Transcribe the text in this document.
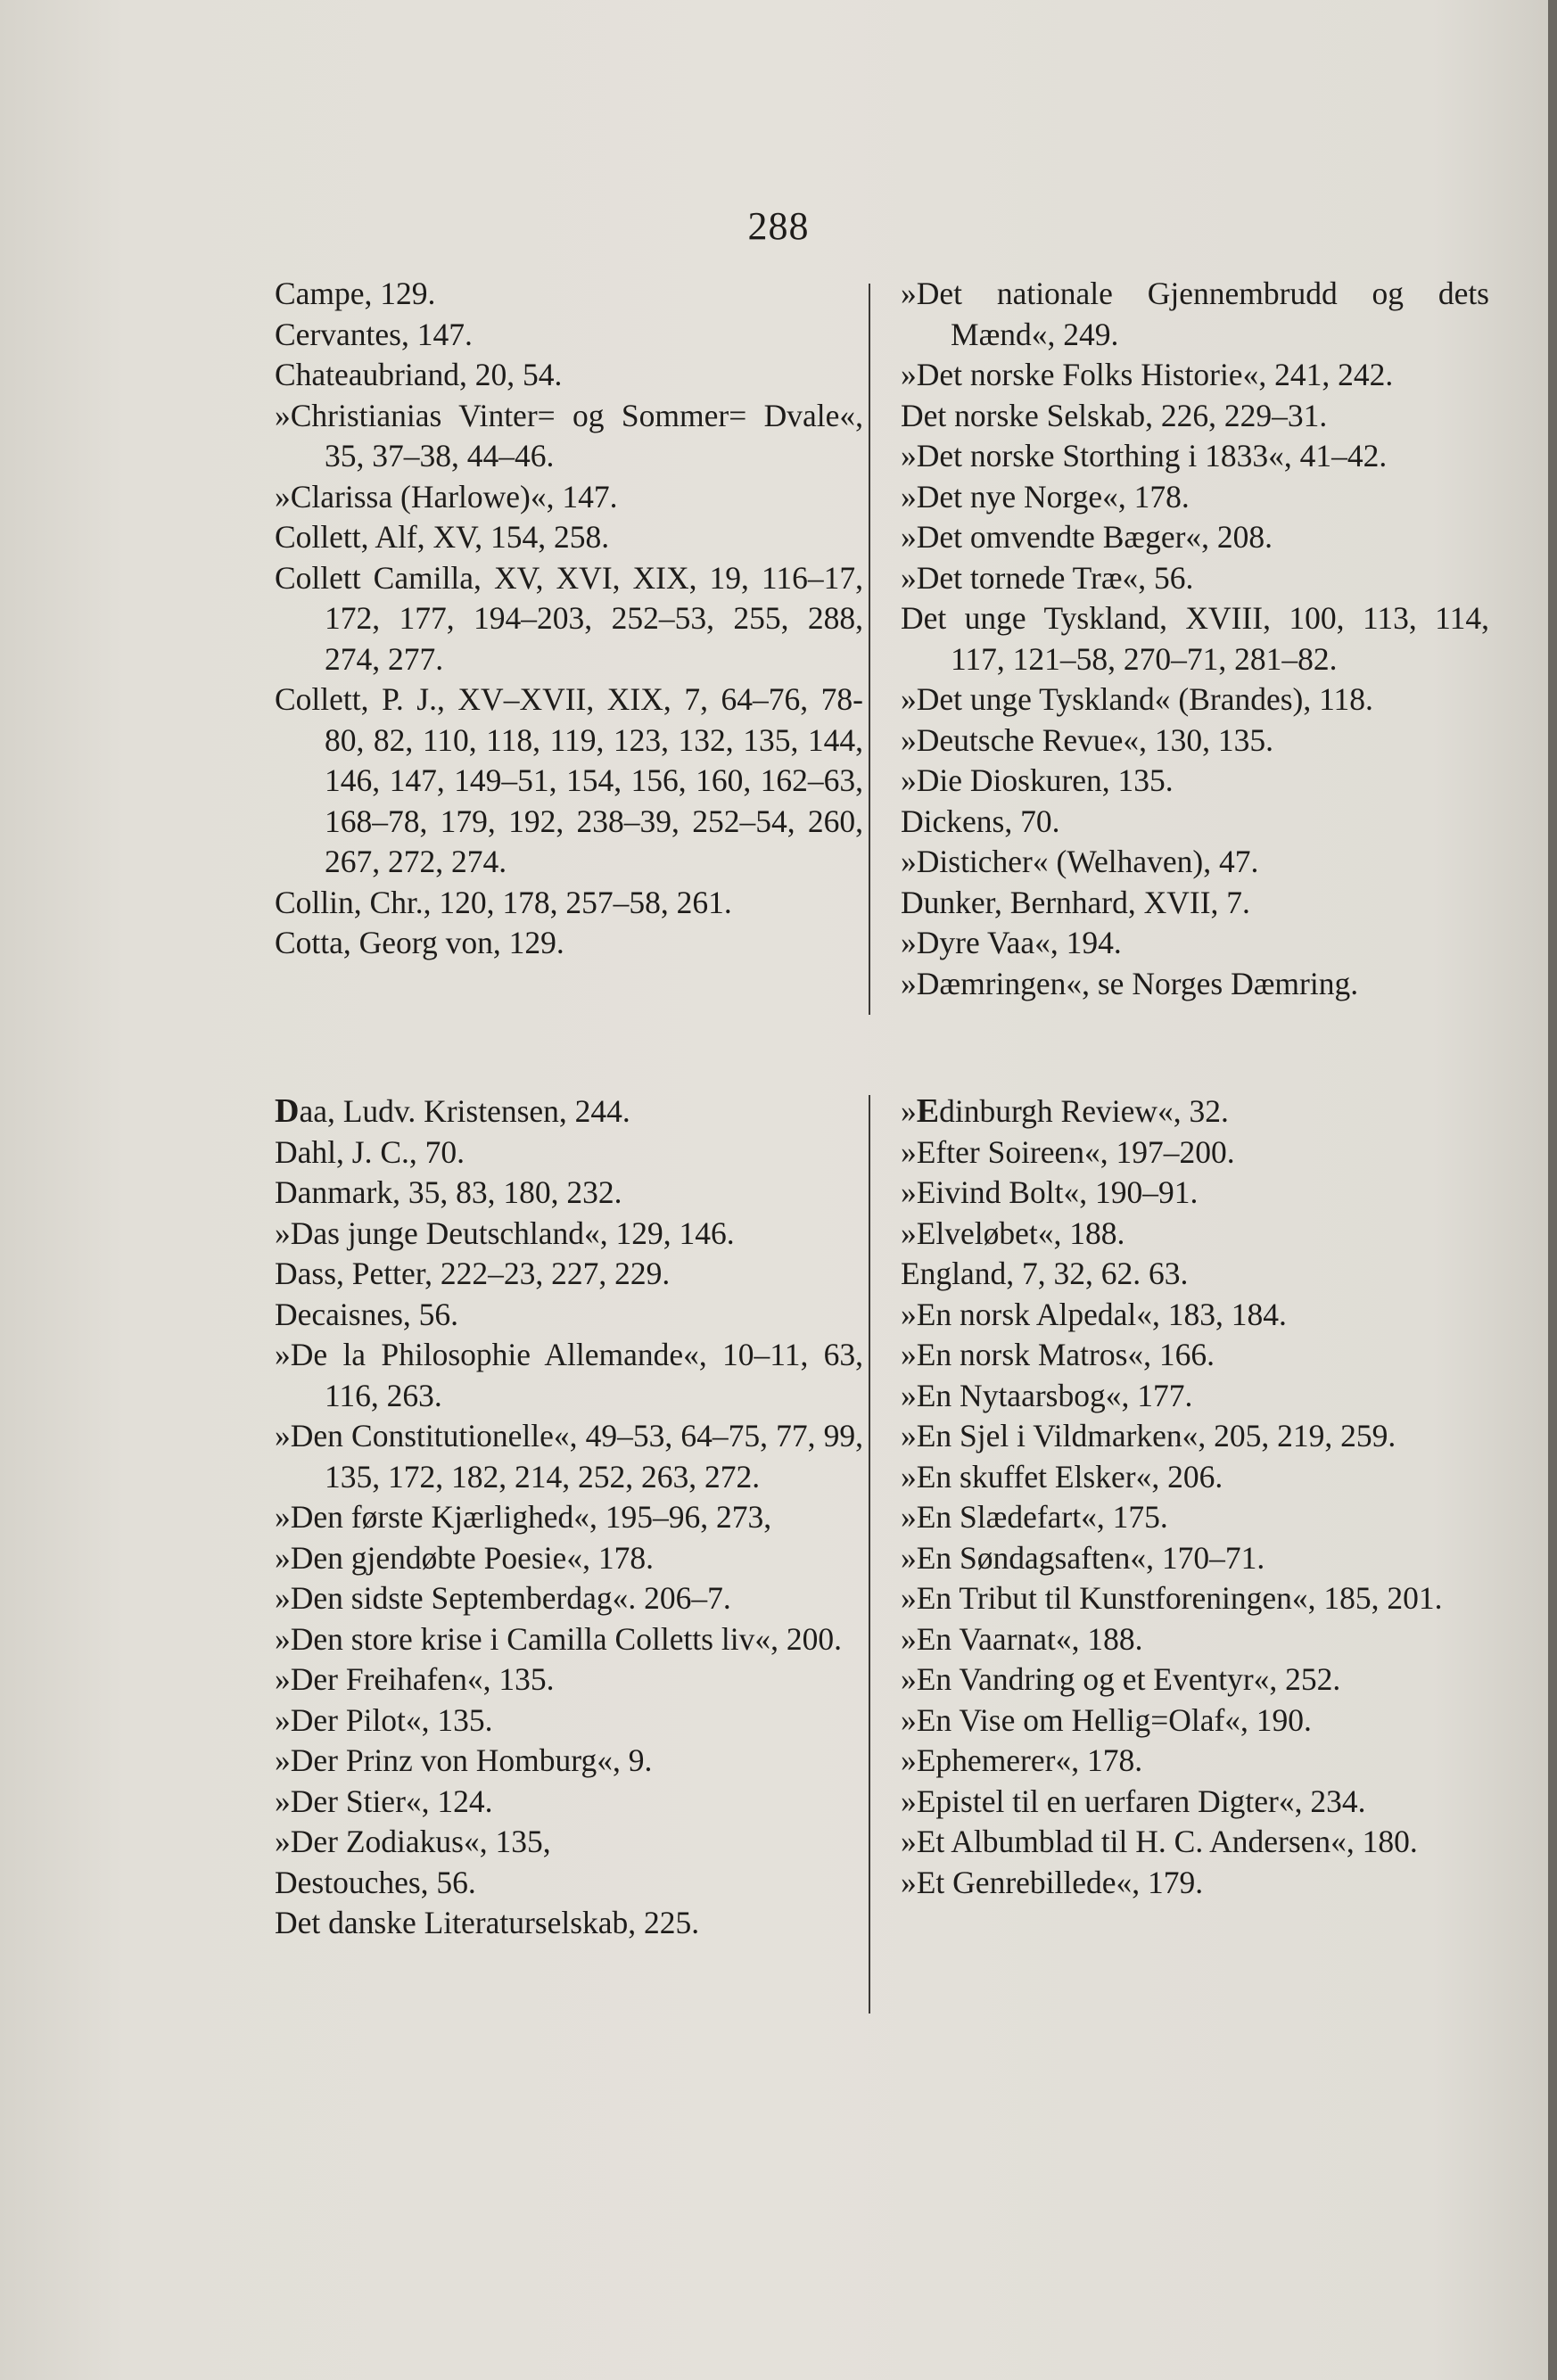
288

Campe, 129.

Cervantes, 147.

Chateaubriand, 20, 54.

»Christianias Vinter= og Sommer= Dvale«, 35, 37–38, 44–46.

»Clarissa (Harlowe)«, 147.

Collett, Alf, XV, 154, 258.

Collett Camilla, XV, XVI, XIX, 19, 116–17, 172, 177, 194–203, 252–53, 255, 288, 274, 277.

Collett, P. J., XV–XVII, XIX, 7, 64–76, 78-80, 82, 110, 118, 119, 123, 132, 135, 144, 146, 147, 149–51, 154, 156, 160, 162–63, 168–78, 179, 192, 238–39, 252–54, 260, 267, 272, 274.

Collin, Chr., 120, 178, 257–58, 261.

Cotta, Georg von, 129.

»Det nationale Gjennembrudd og dets Mænd«, 249.

»Det norske Folks Historie«, 241, 242.

Det norske Selskab, 226, 229–31.

»Det norske Storthing i 1833«, 41–42.

»Det nye Norge«, 178.

»Det omvendte Bæger«, 208.

»Det tornede Træ«, 56.

Det unge Tyskland, XVIII, 100, 113, 114, 117, 121–58, 270–71, 281–82.

»Det unge Tyskland« (Brandes), 118.

»Deutsche Revue«, 130, 135.

»Die Dioskuren, 135.

Dickens, 70.

»Disticher« (Welhaven), 47.

Dunker, Bernhard, XVII, 7.

»Dyre Vaa«, 194.

»Dæmringen«, se Norges Dæmring.

Daa, Ludv. Kristensen, 244.

Dahl, J. C., 70.

Danmark, 35, 83, 180, 232.

»Das junge Deutschland«, 129, 146.

Dass, Petter, 222–23, 227, 229.

Decaisnes, 56.

»De la Philosophie Allemande«, 10–11, 63, 116, 263.

»Den Constitutionelle«, 49–53, 64–75, 77, 99, 135, 172, 182, 214, 252, 263, 272.

»Den første Kjærlighed«, 195–96, 273,

»Den gjendøbte Poesie«, 178.

»Den sidste Septemberdag«. 206–7.

»Den store krise i Camilla Colletts liv«, 200.

»Der Freihafen«, 135.

»Der Pilot«, 135.

»Der Prinz von Homburg«, 9.

»Der Stier«, 124.

»Der Zodiakus«, 135,

Destouches, 56.

Det danske Literaturselskab, 225.

»Edinburgh Review«, 32.

»Efter Soireen«, 197–200.

»Eivind Bolt«, 190–91.

»Elveløbet«, 188.

England, 7, 32, 62. 63.

»En norsk Alpedal«, 183, 184.

»En norsk Matros«, 166.

»En Nytaarsbog«, 177.

»En Sjel i Vildmarken«, 205, 219, 259.

»En skuffet Elsker«, 206.

»En Slædefart«, 175.

»En Søndagsaften«, 170–71.

»En Tribut til Kunstforeningen«, 185, 201.

»En Vaarnat«, 188.

»En Vandring og et Eventyr«, 252.

»En Vise om Hellig=Olaf«, 190.

»Ephemerer«, 178.

»Epistel til en uerfaren Digter«, 234.

»Et Albumblad til H. C. Andersen«, 180.

»Et Genrebillede«, 179.
